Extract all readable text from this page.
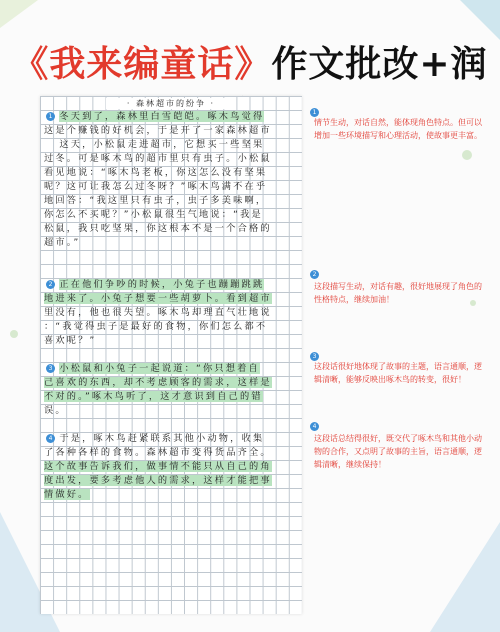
《我来编童话》作文批改+润
· 森林超市的纷争 ·
冬天到了，森林里白雪皑皑。啄木鸟觉得
这是个赚钱的好机会，于是开了一家森林超市
这天，小松鼠走进超市，它想买一些坚果
过冬。可是啄木鸟的超市里只有虫子。小松鼠
看见地说：“啄木鸟老板，你这怎么没有坚果
呢？这可让我怎么过冬呀？”啄木鸟满不在乎
地回答：“我这里只有虫子，虫子多美味啊，
你怎么不买呢？”小松鼠很生气地说：“我是
松鼠，我只吃坚果，你这根本不是一个合格的
超市。”
正在他们争吵的时候，小兔子也蹦蹦跳跳
地进来了。小兔子想要一些胡萝卜。看到超市
里没有，他也很失望。啄木鸟却理直气壮地说
：“我觉得虫子是最好的食物，你们怎么都不
喜欢呢？”
小松鼠和小兔子一起说道：“你只想着自
己喜欢的东西，却不考虑顾客的需求，这样是
不对的。”啄木鸟听了，这才意识到自己的错
误。
于是，啄木鸟赶紧联系其他小动物，收集
了各种各样的食物。森林超市变得货品齐全。
这个故事告诉我们，做事情不能只从自己的角
度出发，要多考虑他人的需求，这样才能把事
情做好。
1
2
3
4
1
情节生动，对话自然，能体现角色特点。但可以增加一些环境描写和心理活动，使故事更丰富。
2
这段描写生动，对话有趣，很好地展现了角色的性格特点，继续加油！
3
这段话很好地体现了故事的主题，语言通顺，逻辑清晰，能够反映出啄木鸟的转变，很好！
4
这段话总结得很好，既交代了啄木鸟和其他小动物的合作，又点明了故事的主旨，语言通顺，逻辑清晰，继续保持！
